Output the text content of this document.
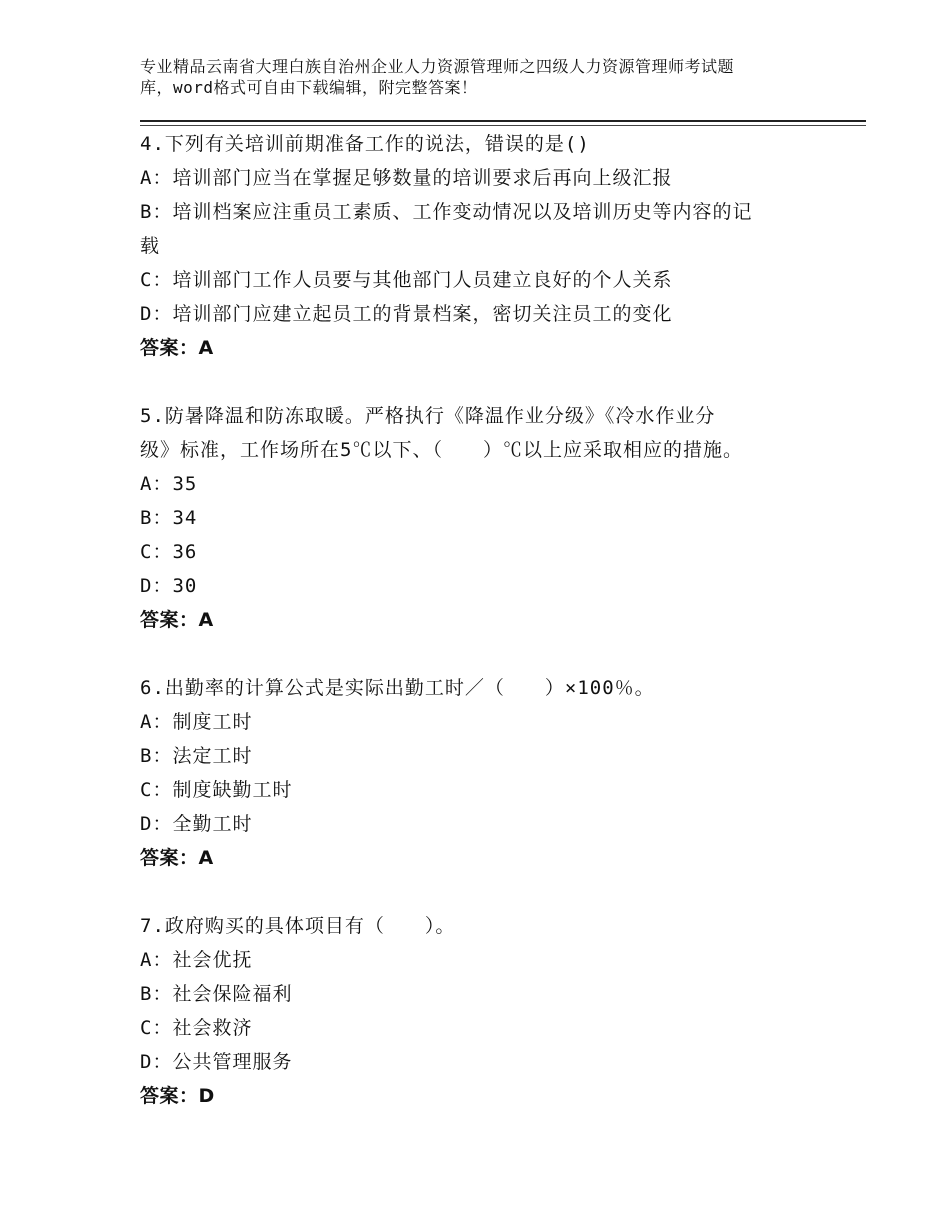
专业精品云南省大理白族自治州企业人力资源管理师之四级人力资源管理师考试题
库，word格式可自由下载编辑，附完整答案！
4.下列有关培训前期准备工作的说法，错误的是()
A：培训部门应当在掌握足够数量的培训要求后再向上级汇报
B：培训档案应注重员工素质、工作变动情况以及培训历史等内容的记
载
C：培训部门工作人员要与其他部门人员建立良好的个人关系
D：培训部门应建立起员工的背景档案，密切关注员工的变化
答案：A
5.防暑降温和防冻取暖。严格执行《降温作业分级》《冷水作业分
级》标准，工作场所在5℃以下、（　　）℃以上应采取相应的措施。
A：35
B：34
C：36
D：30
答案：A
6.出勤率的计算公式是实际出勤工时／（　　）×100％。
A：制度工时
B：法定工时
C：制度缺勤工时
D：全勤工时
答案：A
7.政府购买的具体项目有（　　）。
A：社会优抚
B：社会保险福利
C：社会救济
D：公共管理服务
答案：D
